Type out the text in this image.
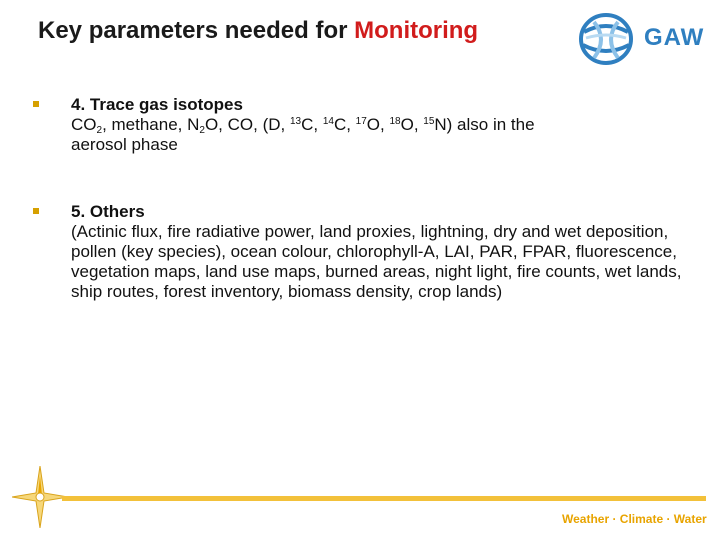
Key parameters needed for Monitoring	GAW
4. Trace gas isotopes
$CO_2$, methane, $N_2O$, CO, (D, $^{13}$C, $^{14}$C, $^{17}$O, $^{18}$O, $^{15}$N) also in the
aerosol phase
5. Others
(Actinic flux, fire radiative power, land proxies, lightning, dry and wet deposition, pollen (key species), ocean colour, chlorophyll-A, LAI, PAR, FPAR, fluorescence, vegetation maps, land use maps, burned areas, night light, fire counts, wet lands, ship routes, forest inventory, biomass density, crop lands)
Weather · Climate · Water
